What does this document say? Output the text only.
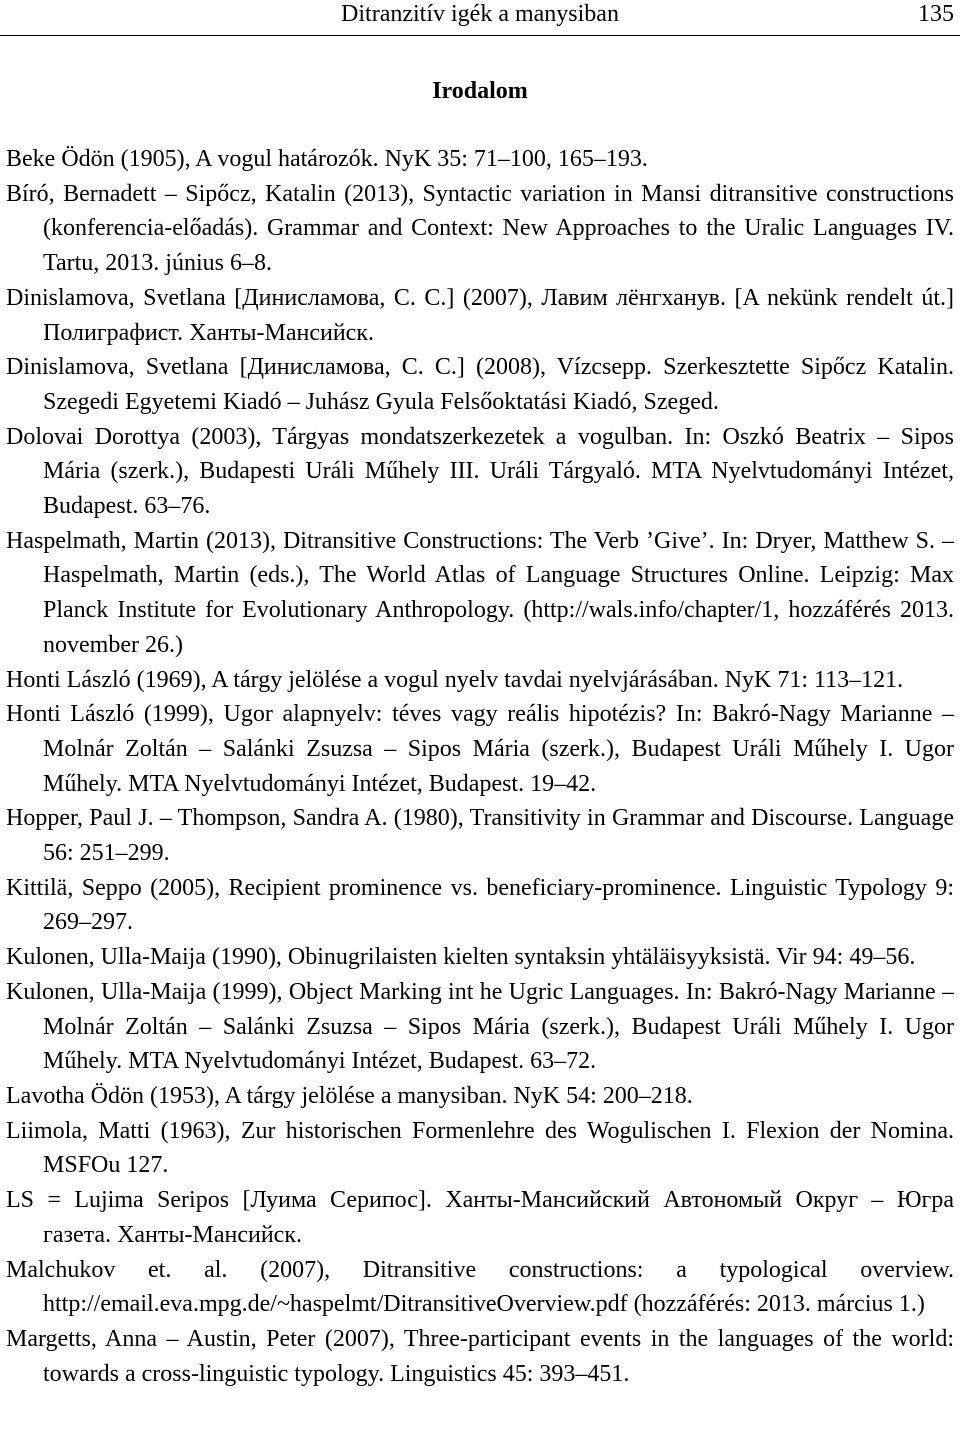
Ditranzitív igék a manysiban	135
Irodalom
Beke Ödön (1905), A vogul határozók. NyK 35: 71–100, 165–193.
Bíró, Bernadett – Sipőcz, Katalin (2013), Syntactic variation in Mansi ditransitive constructions (konferencia-előadás). Grammar and Context: New Approaches to the Uralic Languages IV. Tartu, 2013. június 6–8.
Dinislamova, Svetlana [Динисламова, С. С.] (2007), Лавим лёнгханув. [A nekünk rendelt út.] Полиграфист. Ханты-Мансийск.
Dinislamova, Svetlana [Динисламова, С. С.] (2008), Vízcsepp. Szerkesztette Sipőcz Katalin. Szegedi Egyetemi Kiadó – Juhász Gyula Felsőoktatási Kiadó, Szeged.
Dolovai Dorottya (2003), Tárgyas mondatszerkezetek a vogulban. In: Oszkó Beatrix – Sipos Mária (szerk.), Budapesti Uráli Műhely III. Uráli Tárgyaló. MTA Nyelvtudományi Intézet, Budapest. 63–76.
Haspelmath, Martin (2013), Ditransitive Constructions: The Verb ’Give’. In: Dryer, Matthew S. – Haspelmath, Martin (eds.), The World Atlas of Language Structures Online. Leipzig: Max Planck Institute for Evolutionary Anthropology. (http://wals.info/chapter/1, hozzáférés 2013. november 26.)
Honti László (1969), A tárgy jelölése a vogul nyelv tavdai nyelvjárásában. NyK 71: 113–121.
Honti László (1999), Ugor alapnyelv: téves vagy reális hipotézis? In: Bakró-Nagy Marianne – Molnár Zoltán – Salánki Zsuzsa – Sipos Mária (szerk.), Budapest Uráli Műhely I. Ugor Műhely. MTA Nyelvtudományi Intézet, Budapest. 19–42.
Hopper, Paul J. – Thompson, Sandra A. (1980), Transitivity in Grammar and Discourse. Language 56: 251–299.
Kittilä, Seppo (2005), Recipient prominence vs. beneficiary-prominence. Linguistic Typology 9: 269–297.
Kulonen, Ulla-Maija (1990), Obinugrilaisten kielten syntaksin yhtäläisyyksistä. Vir 94: 49–56.
Kulonen, Ulla-Maija (1999), Object Marking int he Ugric Languages. In: Bakró-Nagy Marianne – Molnár Zoltán – Salánki Zsuzsa – Sipos Mária (szerk.), Budapest Uráli Műhely I. Ugor Műhely. MTA Nyelvtudományi Intézet, Budapest. 63–72.
Lavotha Ödön (1953), A tárgy jelölése a manysiban. NyK 54: 200–218.
Liimola, Matti (1963), Zur historischen Formenlehre des Wogulischen I. Flexion der Nomina. MSFOu 127.
LS = Lujima Seripos [Луима Серипос]. Ханты-Мансийский Автономый Округ – Югра газета. Ханты-Мансийск.
Malchukov et. al. (2007), Ditransitive constructions: a typological overview. http://email.eva.mpg.de/~haspelmt/DitransitiveOverview.pdf (hozzáférés: 2013. március 1.)
Margetts, Anna – Austin, Peter (2007), Three-participant events in the languages of the world: towards a cross-linguistic typology. Linguistics 45: 393–451.
